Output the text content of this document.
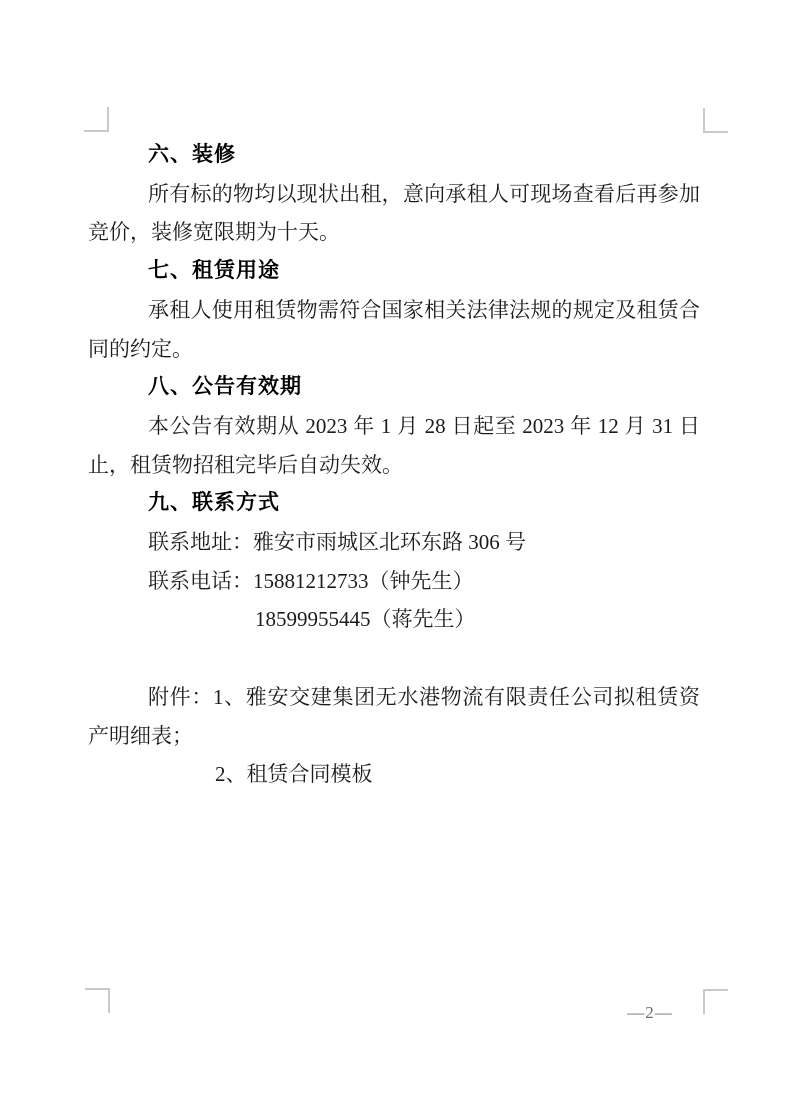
六、装修
所有标的物均以现状出租，意向承租人可现场查看后再参加
竞价，装修宽限期为十天。
七、租赁用途
承租人使用租赁物需符合国家相关法律法规的规定及租赁合
同的约定。
八、公告有效期
本公告有效期从 2023 年 1 月 28 日起至 2023 年 12 月 31 日
止，租赁物招租完毕后自动失效。
九、联系方式
联系地址：雅安市雨城区北环东路 306 号
联系电话：15881212733（钟先生）
18599955445（蒋先生）
附件：1、雅安交建集团无水港物流有限责任公司拟租赁资
产明细表；
2、租赁合同模板
—2—
